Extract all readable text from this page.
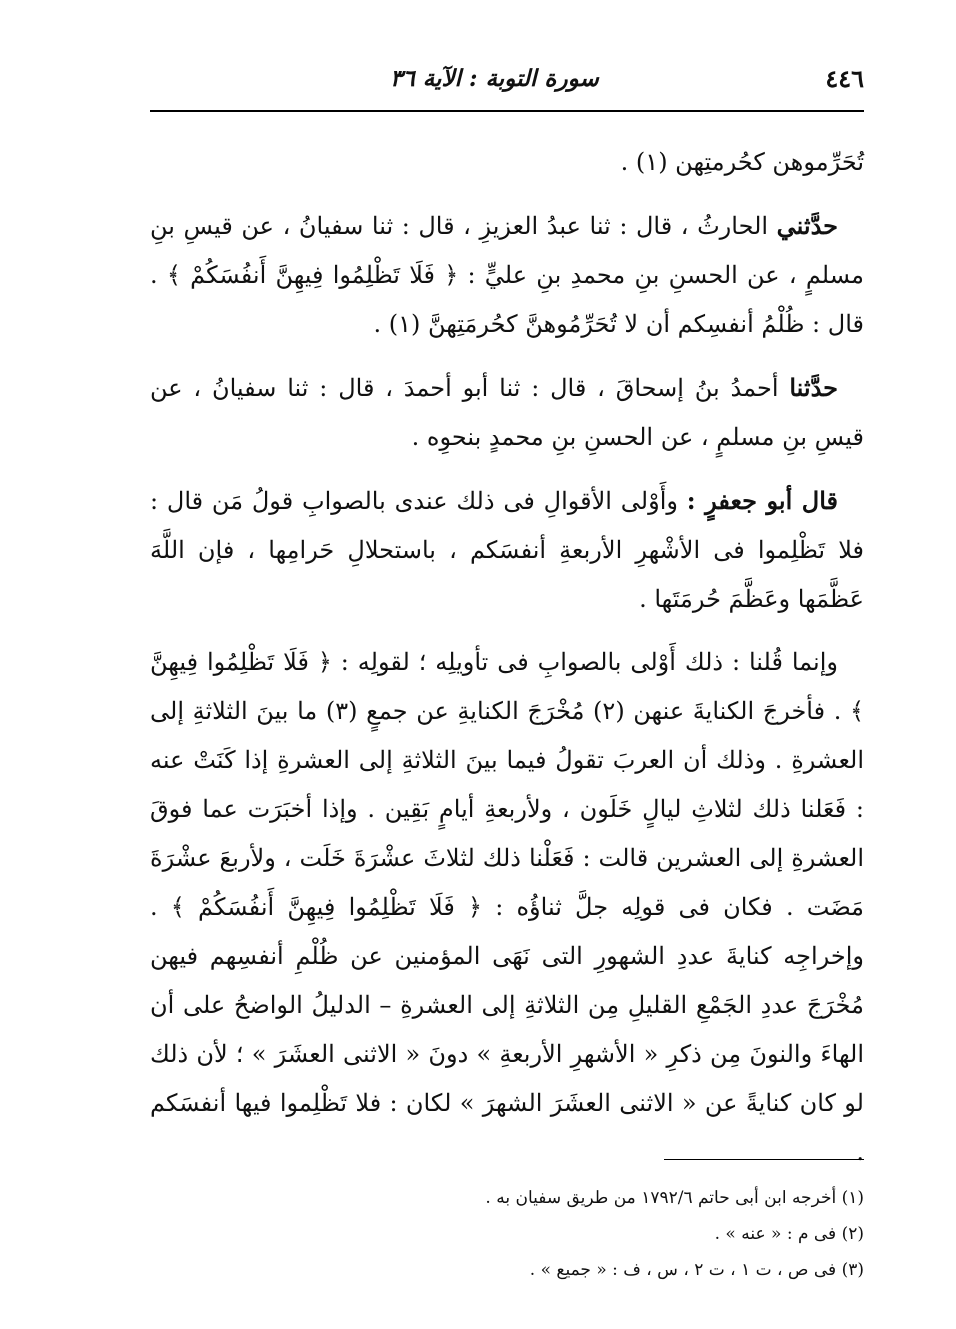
٤٤٦
سورة التوبة : الآية ٣٦

تُحَرِّموهن كحُرمتِهن (١) .

حدَّثني الحارثُ ، قال : ثنا عبدُ العزيزِ ، قال : ثنا سفيانُ ، عن قيسِ بنِ مسلمٍ ، عن الحسنِ بنِ محمدِ بنِ عليٍّ : ﴿ فَلَا تَظْلِمُوا فِيهِنَّ أَنفُسَكُمْ ﴾ . قال : ظُلْمُ أنفسِكم أن لا تُحَرِّمُوهنَّ كحُرمَتِهنَّ (١) .

حدَّثنا أحمدُ بنُ إسحاقَ ، قال : ثنا أبو أحمدَ ، قال : ثنا سفيانُ ، عن قيسِ بنِ مسلمٍ ، عن الحسنِ بنِ محمدٍ بنحوِه .

قال أبو جعفرٍ : وأَوْلى الأقوالِ فى ذلك عندى بالصوابِ قولُ مَن قال : فلا تَظْلِموا فى الأشْهرِ الأربعةِ أنفسَكم ، باستحلالِ حَرامِها ، فإن اللَّهَ عَظَّمَها وعَظَّمَ حُرمَتَها .

وإنما قُلنا : ذلك أَوْلى بالصوابِ فى تأويلِه ؛ لقولِه : ﴿ فَلَا تَظْلِمُوا فِيهِنَّ ﴾ . فأخرجَ الكنايةَ عنهن (٢) مُخْرَجَ الكنايةِ عن جمعٍ (٣) ما بينَ الثلاثةِ إلى العشرةِ . وذلك أن العربَ تقولُ فيما بينَ الثلاثةِ إلى العشرةِ إذا كَنَتْ عنه : فَعَلنا ذلك لثلاثِ ليالٍ خَلَون ، ولأربعةِ أيامٍ بَقِين . وإذا أخبَرَت عما فوقَ العشرةِ إلى العشرين قالت : فَعَلْنا ذلك لثلاثَ عشْرَةَ خَلَت ، ولأربعَ عشْرَةَ مَضَت . فكان فى قولِه جلَّ ثناؤُه : ﴿ فَلَا تَظْلِمُوا فِيهِنَّ أَنفُسَكُمْ ﴾ . وإخراجِه كنايةَ عددِ الشهورِ التى نَهَى المؤمنين عن ظُلْمِ أنفسِهم فيهن مُخْرَجَ عددِ الجَمْعِ القليلِ مِن الثلاثةِ إلى العشرةِ – الدليلُ الواضحُ على أن الهاءَ والنونَ مِن ذكرِ « الأشهرِ الأربعةِ » دونَ « الاثنى العشَرَ » ؛ لأن ذلك لو كان كنايةً عن « الاثنى العشَرَ الشهرَ » لكان : فلا تَظْلِموا فيها أنفسَكم .

(١) أخرجه ابن أبى حاتم ١٧٩٢/٦ من طريق سفيان به .
(٢) فى م : « عنه » .
(٣) فى ص ، ت ١ ، ت ٢ ، س ، ف : « جميع » .
